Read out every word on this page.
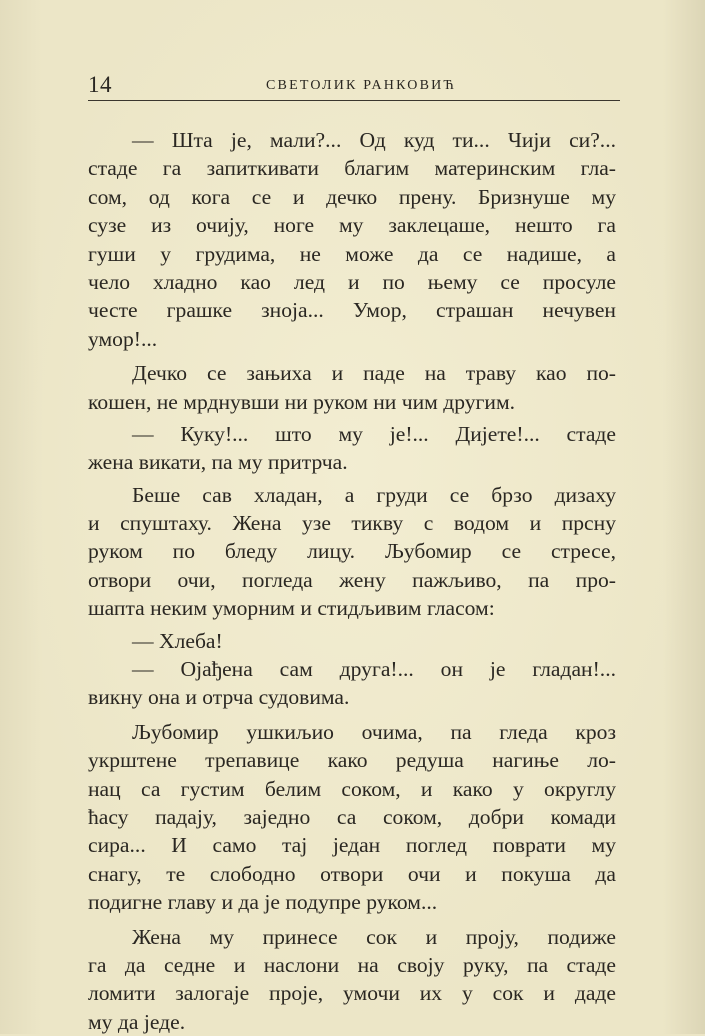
14	СВЕТОЛИК РАНКОВИЋ
— Шта је, мали?... Од куд ти... Чији си?...
стаде га запиткивати благим материнским гла-
сом, од кога се и дечко прену. Бризнуше му
сузе из очију, ноге му заклецаше, нешто га
гуши у грудима, не може да се надише, а
чело хладно као лед и по њему се просуле
честе грашке зноја... Умор, страшан нечувен
умор!...
Дечко се зањиха и паде на траву као по-
кошен, не мрднувши ни руком ни чим другим.
— Куку!... што му је!... Дијете!... стаде
жена викати, па му притрча.
Беше сав хладан, а груди се брзо дизаху
и спуштаху. Жена узе тикву с водом и прсну
руком по бледу лицу. Љубомир се стресе,
отвори очи, погледа жену пажљиво, па про-
шапта неким уморним и стидљивим гласом:
— Хлеба!
— Ојађена сам друга!... он је гладан!...
викну она и отрча судовима.
Љубомир ушкиљио очима, па гледа кроз
укрштене трепавице како редуша нагиње ло-
нац са густим белим соком, и како у округлу
ћасу падају, заједно са соком, добри комади
сира... И само тај један поглед поврати му
снагу, те слободно отвори очи и покуша да
подигне главу и да је подупре руком...
Жена му принесе сок и проју, подиже
га да седне и наслони на своју руку, па стаде
ломити залогаје проје, умочи их у сок и даде
му да једе.
